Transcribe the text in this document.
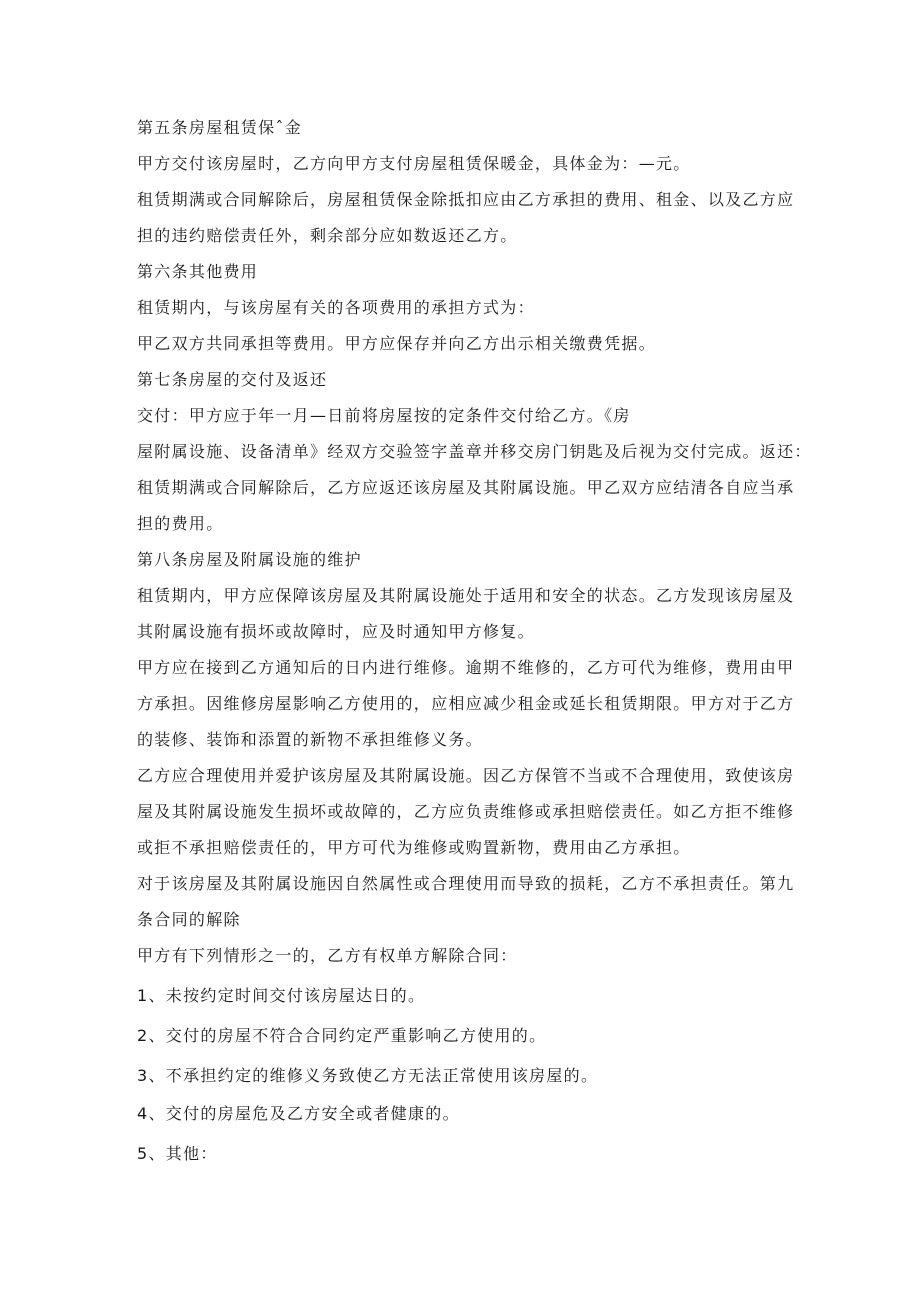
第五条房屋租赁保ˆ金
甲方交付该房屋时，乙方向甲方支付房屋租赁保暖金，具体金为：—元。
租赁期满或合同解除后，房屋租赁保金除抵扣应由乙方承担的费用、租金、以及乙方应
担的违约赔偿责任外，剩余部分应如数返还乙方。
第六条其他费用
租赁期内，与该房屋有关的各项费用的承担方式为：
甲乙双方共同承担等费用。甲方应保存并向乙方出示相关缴费凭据。
第七条房屋的交付及返还
交付：甲方应于年一月—日前将房屋按的定条件交付给乙方。《房
屋附属设施、设备清单》经双方交验签字盖章并移交房门钥匙及后视为交付完成。返还：
租赁期满或合同解除后，乙方应返还该房屋及其附属设施。甲乙双方应结清各自应当承
担的费用。
第八条房屋及附属设施的维护
租赁期内，甲方应保障该房屋及其附属设施处于适用和安全的状态。乙方发现该房屋及
其附属设施有损坏或故障时，应及时通知甲方修复。
甲方应在接到乙方通知后的日内进行维修。逾期不维修的，乙方可代为维修，费用由甲
方承担。因维修房屋影响乙方使用的，应相应减少租金或延长租赁期限。甲方对于乙方
的装修、装饰和添置的新物不承担维修义务。
乙方应合理使用并爱护该房屋及其附属设施。因乙方保管不当或不合理使用，致使该房
屋及其附属设施发生损坏或故障的，乙方应负责维修或承担赔偿责任。如乙方拒不维修
或拒不承担赔偿责任的，甲方可代为维修或购置新物，费用由乙方承担。
对于该房屋及其附属设施因自然属性或合理使用而导致的损耗，乙方不承担责任。第九
条合同的解除
甲方有下列情形之一的，乙方有权单方解除合同：
1、未按约定时间交付该房屋达日的。
2、交付的房屋不符合合同约定严重影响乙方使用的。
3、不承担约定的维修义务致使乙方无法正常使用该房屋的。
4、交付的房屋危及乙方安全或者健康的。
5、其他：
